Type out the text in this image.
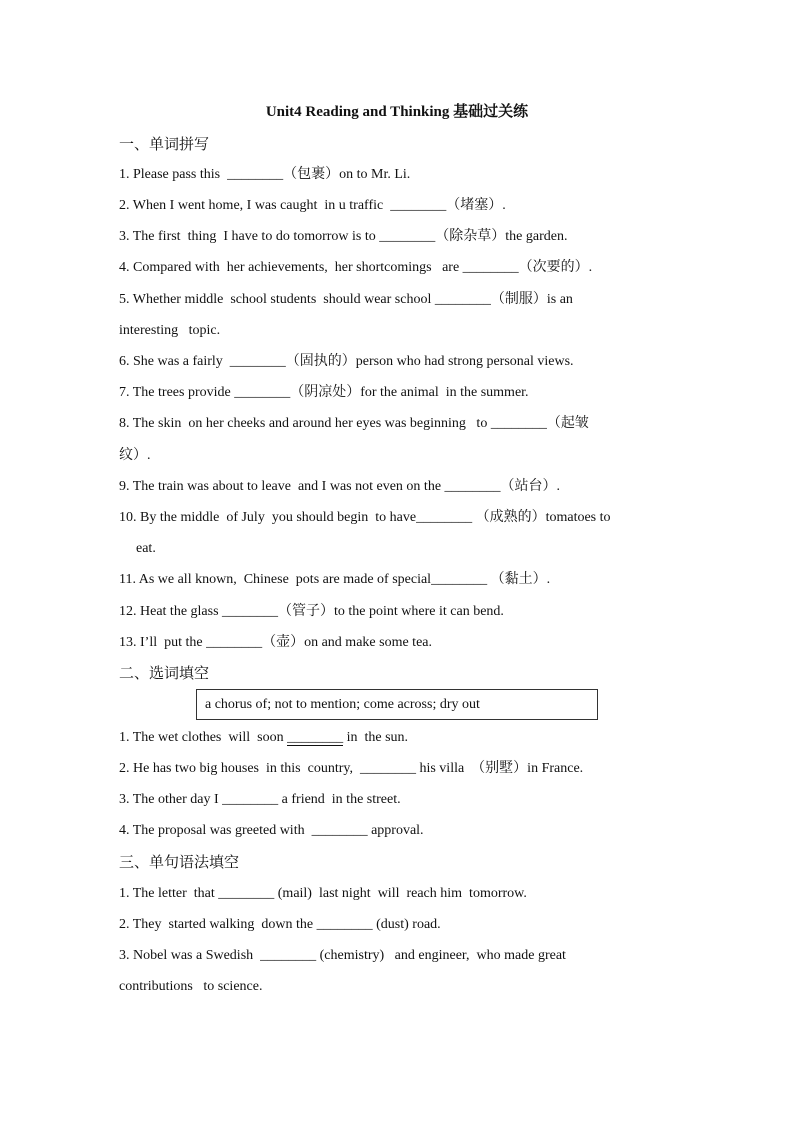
Unit4 Reading and Thinking 基础过关练
一、单词拼写
1. Please pass this  ________（包裹）on to Mr. Li.
2. When I went home, I was caught  in u traffic  ________（堵塞）.
3. The first  thing  I have to do tomorrow is to ________（除杂草）the garden.
4. Compared with  her achievements,  her shortcomings   are ________（次要的）.
5. Whether middle  school students  should wear school ________（制服）is an
interesting   topic.
6. She was a fairly  ________（固执的）person who had strong personal views.
7. The trees provide ________（阴凉处）for the animal  in the summer.
8. The skin  on her cheeks and around her eyes was beginning   to ________（起皱
纹）.
9. The train was about to leave  and I was not even on the ________（站台）.
10. By the middle  of July  you should begin  to have________ （成熟的）tomatoes to
eat.
11. As we all known,  Chinese  pots are made of special________ （黏土）.
12. Heat the glass ________（管子）to the point where it can bend.
13. I’ll  put the ________（壶）on and make some tea.
二、选词填空
a chorus of; not to mention; come across; dry out
1. The wet clothes  will  soon ________ in  the sun.
2. He has two big houses  in this  country,  ________ his villa  （别墅）in France.
3. The other day I ________ a friend  in the street.
4. The proposal was greeted with  ________ approval.
三、单句语法填空
1. The letter  that ________ (mail)  last night  will  reach him  tomorrow.
2. They  started walking  down the ________ (dust) road.
3. Nobel was a Swedish  ________ (chemistry)   and engineer,  who made great
contributions   to science.
